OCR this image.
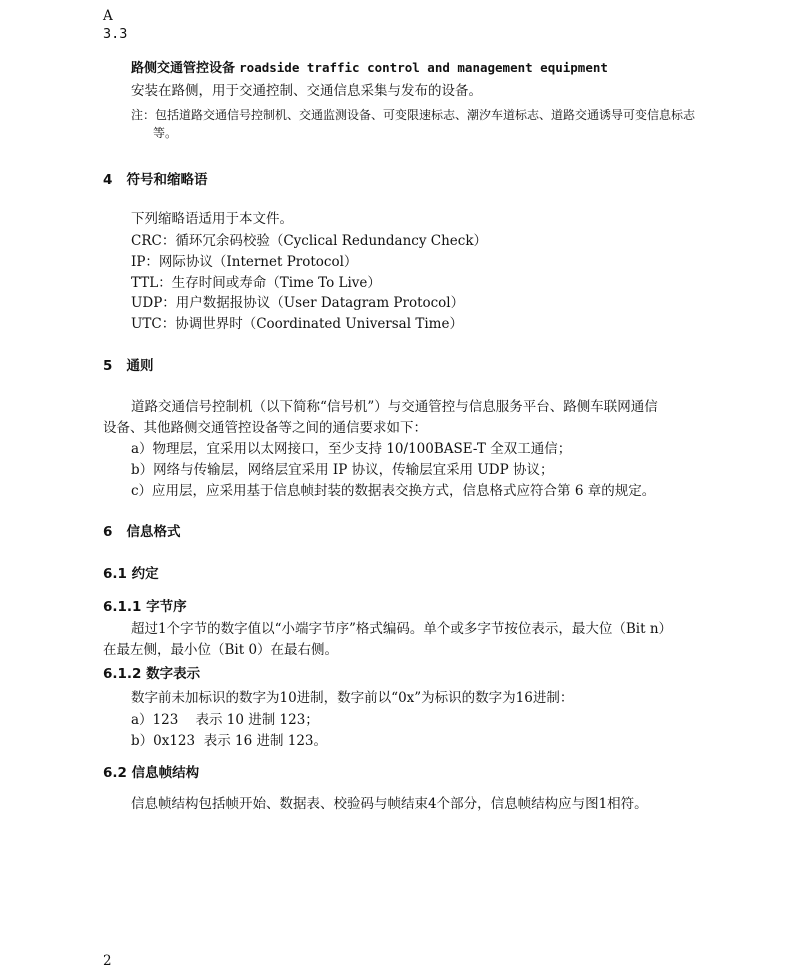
A
3.3
路侧交通管控设备 roadside traffic control and management equipment
安装在路侧，用于交通控制、交通信息采集与发布的设备。
注：包括道路交通信号控制机、交通监测设备、可变限速标志、潮汐车道标志、道路交通诱导可变信息标志
等。
4 符号和缩略语
下列缩略语适用于本文件。
CRC：循环冗余码校验（Cyclical Redundancy Check）
IP：网际协议（Internet Protocol）
TTL：生存时间或寿命（Time To Live）
UDP：用户数据报协议（User Datagram Protocol）
UTC：协调世界时（Coordinated Universal Time）
5 通则
道路交通信号控制机（以下简称“信号机”）与交通管控与信息服务平台、路侧车联网通信
设备、其他路侧交通管控设备等之间的通信要求如下：
a）物理层，宜采用以太网接口，至少支持 10/100BASE-T 全双工通信；
b）网络与传输层，网络层宜采用 IP 协议，传输层宜采用 UDP 协议；
c）应用层，应采用基于信息帧封装的数据表交换方式，信息格式应符合第 6 章的规定。
6 信息格式
6.1 约定
6.1.1 字节序
超过1个字节的数字值以“小端字节序”格式编码。单个或多字节按位表示，最大位（Bit n）
在最左侧，最小位（Bit 0）在最右侧。
6.1.2 数字表示
数字前未加标识的数字为10进制，数字前以“0x”为标识的数字为16进制：
a）123    表示 10 进制 123；
b）0x123  表示 16 进制 123。
6.2 信息帧结构
信息帧结构包括帧开始、数据表、校验码与帧结束4个部分，信息帧结构应与图1相符。
2
